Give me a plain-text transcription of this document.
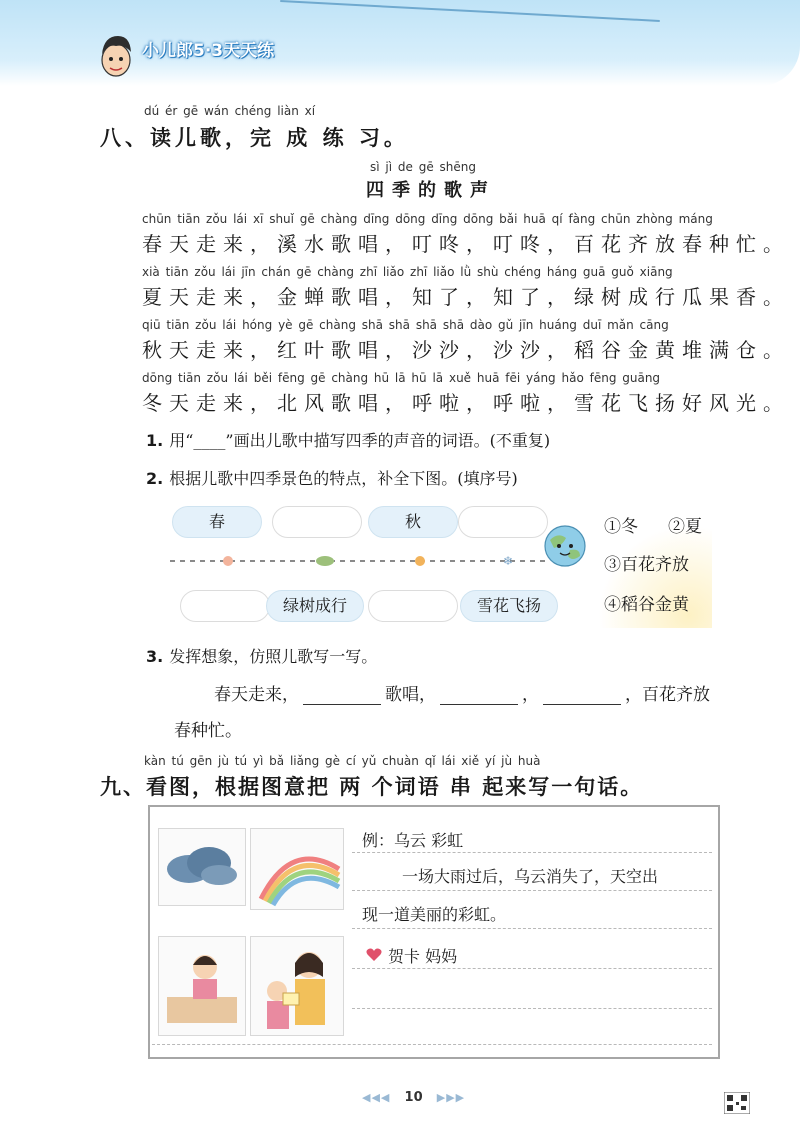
小儿郎5·3天天练
dú ér gē wán chéng liàn xí
八、读儿歌，完 成 练 习。
sì jì de gē shēng
四季的歌声
chūn tiān zǒu lái xī shuǐ gē chàng dīng dōng dīng dōng bǎi huā qí fàng chūn zhòng máng
春天走来，溪水歌唱，叮咚，叮咚，百花齐放春种忙。
xià tiān zǒu lái jīn chán gē chàng zhī liǎo zhī liǎo lǜ shù chéng háng guā guǒ xiāng
夏天走来，金蝉歌唱，知了，知了，绿树成行瓜果香。
qiū tiān zǒu lái hóng yè gē chàng shā shā shā shā dào gǔ jīn huáng duī mǎn cāng
秋天走来，红叶歌唱，沙沙，沙沙，稻谷金黄堆满仓。
dōng tiān zǒu lái běi fēng gē chàng hū lā hū lā xuě huā fēi yáng hǎo fēng guāng
冬天走来，北风歌唱，呼啦，呼啦，雪花飞扬好风光。
1. 用“____”画出儿歌中描写四季的声音的词语。(不重复)
2. 根据儿歌中四季景色的特点，补全下图。(填序号)
春	秋
❄
绿树成行	雪花飞扬
①冬 ②夏
③百花齐放
④稻谷金黄
3. 发挥想象，仿照儿歌写一写。
春天走来，	歌唱，	，	，百花齐放
春种忙。
kàn tú gēn jù tú yì bǎ liǎng gè cí yǔ chuàn qǐ lái xiě yí jù huà
九、看图，根据图意把 两 个词语 串 起来写一句话。
例：乌云 彩虹
一场大雨过后，乌云消失了，天空出
现一道美丽的彩虹。
贺卡 妈妈
◀◀◀ 10 ▶▶▶
